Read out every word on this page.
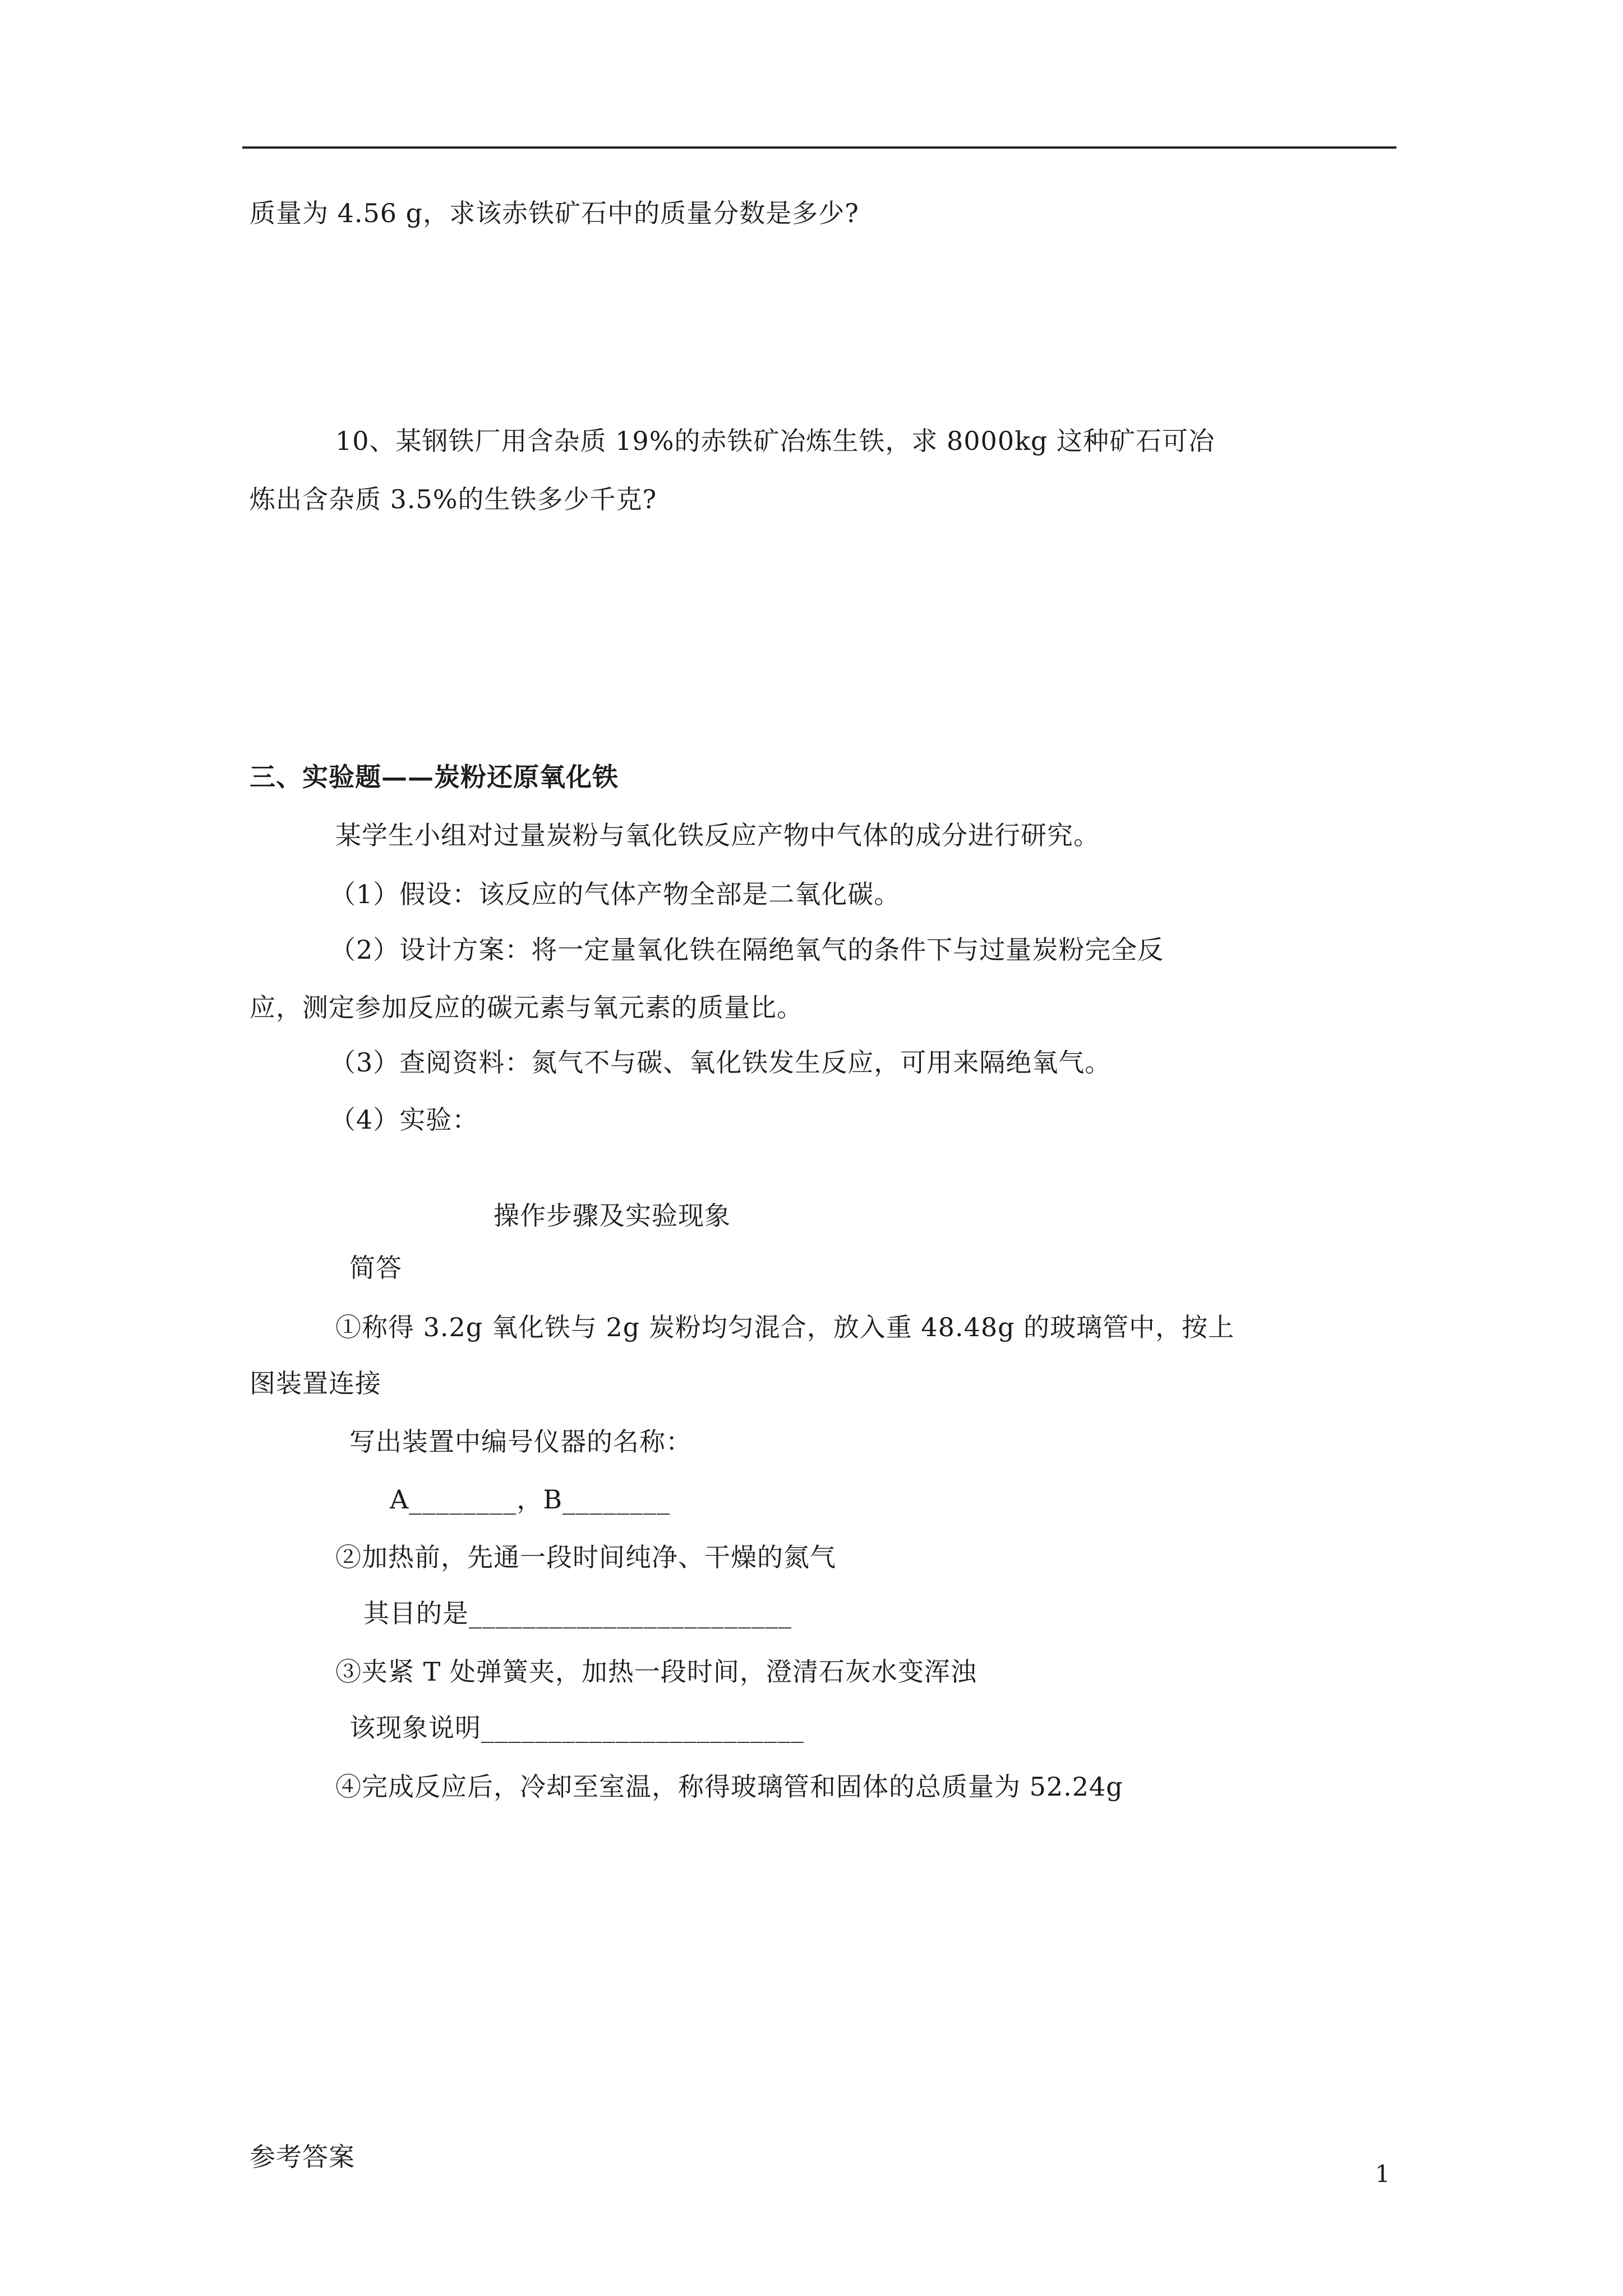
质量为 4.56 g，求该赤铁矿石中的质量分数是多少?
10、某钢铁厂用含杂质 19%的赤铁矿冶炼生铁，求 8000kg 这种矿石可冶
炼出含杂质 3.5%的生铁多少千克?
三、实验题——炭粉还原氧化铁
某学生小组对过量炭粉与氧化铁反应产物中气体的成分进行研究。
（1）假设：该反应的气体产物全部是二氧化碳。
（2）设计方案：将一定量氧化铁在隔绝氧气的条件下与过量炭粉完全反
应，测定参加反应的碳元素与氧元素的质量比。
（3）查阅资料：氮气不与碳、氧化铁发生反应，可用来隔绝氧气。
（4）实验：
操作步骤及实验现象
简答
①称得 3.2g 氧化铁与 2g 炭粉均匀混合，放入重 48.48g 的玻璃管中，按上
图装置连接
写出装置中编号仪器的名称：
A________，B________
②加热前，先通一段时间纯净、干燥的氮气
其目的是________________________
③夹紧 T 处弹簧夹，加热一段时间，澄清石灰水变浑浊
该现象说明________________________
④完成反应后，冷却至室温，称得玻璃管和固体的总质量为 52.24g
参考答案
1
